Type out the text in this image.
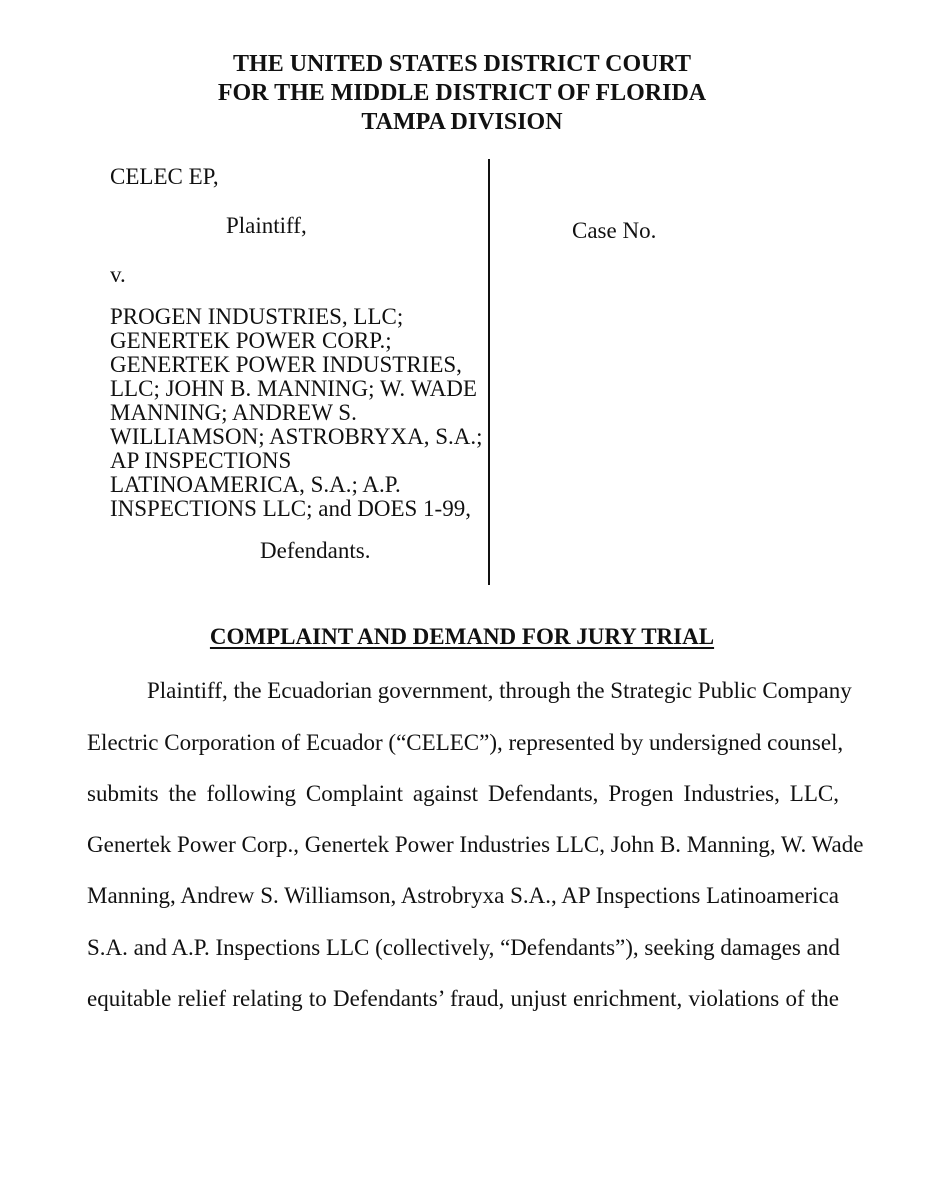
THE UNITED STATES DISTRICT COURT
FOR THE MIDDLE DISTRICT OF FLORIDA
TAMPA DIVISION
CELEC EP,
Plaintiff,
v.
PROGEN INDUSTRIES, LLC;
GENERTEK POWER CORP.;
GENERTEK POWER INDUSTRIES,
LLC; JOHN B. MANNING; W. WADE
MANNING; ANDREW S.
WILLIAMSON; ASTROBRYXA, S.A.;
AP INSPECTIONS
LATINOAMERICA, S.A.; A.P.
INSPECTIONS LLC; and DOES 1-99,
Defendants.
Case No.
COMPLAINT AND DEMAND FOR JURY TRIAL
Plaintiff, the Ecuadorian government, through the Strategic Public Company
Electric Corporation of Ecuador (“CELEC”), represented by undersigned counsel,
submits the following Complaint against Defendants, Progen Industries, LLC,
Genertek Power Corp., Genertek Power Industries LLC, John B. Manning, W. Wade
Manning, Andrew S. Williamson, Astrobryxa S.A., AP Inspections Latinoamerica
S.A. and A.P. Inspections LLC (collectively, “Defendants”), seeking damages and
equitable relief relating to Defendants’ fraud, unjust enrichment, violations of the
